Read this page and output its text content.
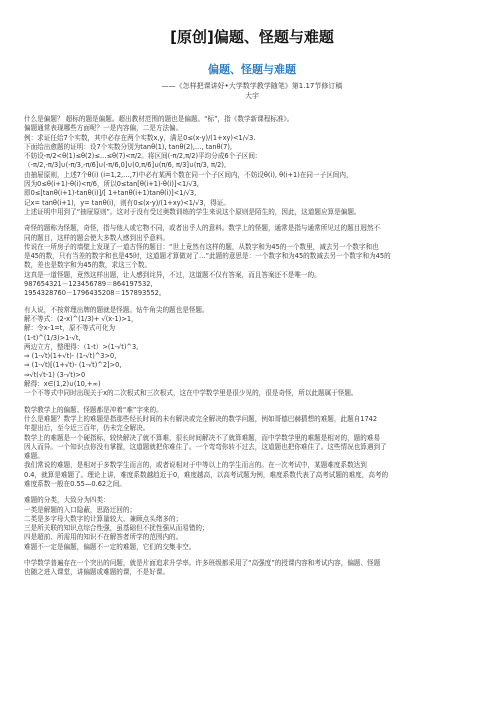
[原创]偏题、怪题与难题
偏题、怪题与难题
——《怎样把课讲好•大学数学教学随笔》第1.17节修订稿
大宇

什么是偏题？ 超标的题是偏题。超出教材范围的题也是偏题。“标”，指《数学新课程标准》。

偏题通常表现哪些方面呢？一是内容偏，二是方法偏。

例：求证任给7个实数，其中必存在两个实数x,y，满足0≤(x-y)/(1+xy)<1/√3.

下面给出愈题的证明：设7个实数分别为tanθ(1), tanθ(2),…, tanθ(7),

不妨设-π/2<θ(1)≤θ(2)≤…≤θ(7)<π/2。将区间(-π/2,π/2)平均分成6个子区间:

（-π/2,-π/3]∪(-π/3,-π/6]∪(-π/6,0]∪(0,π/6]∪(π/6, π/3]∪(π/3, π/2),

由抽屉原则，上述7个θ(i) (i=1,2,…,7)中必有某两个数在同一个子区间内，不妨设θ(i), θ(i+1)在同一子区间内，

因为0≤θ(i+1)-θ(i)<π/6，所以0≤tan[θ(i+1)-θ(i)]<1/√3,

即0≤[tanθ(i+1)-tanθ(i)]/[ 1+tanθ(i+1)tanθ(i)]<1/√3,

记x= tanθ(i+1)，y= tanθ(i)，则有0≤(x-y)/(1+xy)<1/√3，得证。

上述证明中用到了“抽屉原则”。这对于没有受过奥数训练的学生来说这个原则是陌生的，因此，这道题应算是偏题。

奇怪的题称为怪题，奇怪，指与他人或它物不同，或者出乎人的意料。数学上的怪题，通常是指与通常所见过的题目迥然不

同的题目，这样的题会使大多数人感到出乎意料。

传说在一所房子的墙壁上发现了一道古怪的题目：“世上竟然有这样的题，从数字和为45的一个数里，减去另一个数字和也

是45的数，只有当差的数字和也是45时，这道题才算做对了…”此题的意思是：一个数字和为45的数减去另一个数字和为45的

数，差也是数字和为45的数，求这三个数。

这真是一道怪题，竟然这样出题，让人感到诧异，不过，这道题不仅有答案，而且答案还不是唯一的。

987654321－123456789＝864197532,

1954328760－1796435208＝157893552。

有人说，不按常理出牌的题就是怪题。钻牛角尖的题也是怪题。

解不等式：(2-x)^(1/3)+ √(x-1)>1，

解：令x-1=t，原不等式可化为

(1-t)^(1/3)>1-√t,

两边立方，整理得：（1-t）>(1-√t)^3,

⇒ (1-√t)(1+√t)- (1-√t)^3>0,

⇒ (1-√t)[(1+√t)- (1-√t)^2]>0,

⇒√t(√t-1) (3-√t)>0

解得：x∈(1,2)∪(10,+∞)

一个不等式中同时出现关于x的二次根式和三次根式，这在中学数学里是很少见的，很是奇怪，所以此题属于怪题。

数学教学上的偏题、怪题都是冲着“难”字来的。

什么是难题？数学上的难题是指那些经长时间的未有解决或完全解决的数学问题，例如哥德巴赫猜想的难题，此题自1742

年提出后，至今近三百年，仍未完全解决。

数学上的难题是一个硬指标，较快解决了就不算难，很长时间解决不了就算难题，而中学数学里的难题是相对的，题的难易

因人而异。一个知识点你没有掌握，这道题就把你难住了。一个弯弯你转不过去，这道题也把你难住了。这些情况也算遇到了

难题。

我们常说的难题，是相对于多数学生而言的，或者说相对于中等以上的学生而言的。在一次考试中，某题难度系数达到

0.4，就算是难题了。理论上讲，难度系数越趋近于0，难度越高，以高考试题为例，难度系数代表了高考试题的难度，高考的

难度系数一般在0.55—0.62之间。

难题的分类，大致分为四类：

一类是解题的入口隐蔽，思路迂回的；

二类是多字母大数字的计算量较大、兼顾点头绪多的；

三是所关联的知识点综合性强，虽基础但不扰性强从而易错的；

四是超前、所需用的知识不在解答者所学的范围内的。

难题不一定是偏题，偏题不一定的难题，它们的交集非空。

中学数学普遍存在一个突出的问题，就是片面追求升学率。许多班级都采用了“高强度”的授课内容和考试内容，偏题、怪题

也随之进入课堂，讲偏题或难题的课，不是好课。
